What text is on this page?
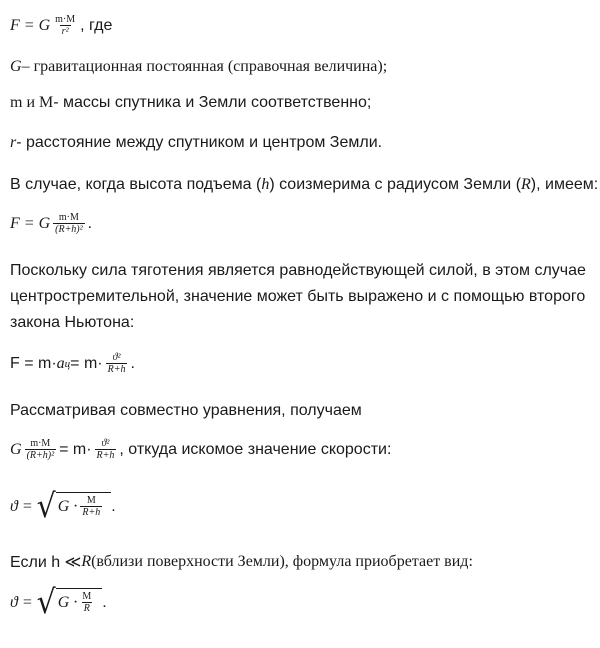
F = G $\frac{m\cdot M}{\text{r²}}$ , где
G – гравитационная постоянная (справочная величина);
m и M - массы спутника и Земли соответственно;
r - расстояние между спутником и центром Земли.
В случае, когда высота подъема ( h ) соизмерима с радиусом Земли ( R ), имеем:
F = G $\frac{m\cdot M}{\text{(R+h)²}}$ .
Поскольку сила тяготения является равнодействующей силой, в этом случае
центростремительной, значение может быть выражено и с помощью второго
закона Ньютона:
F = m· a $ц = m\cdot \frac{\text{ϑ²}}{R+h}$ .
Рассматривая совместно уравнения, получаем
G $\frac{m\cdot M}{\text{(R+h)²}} = m\cdot \frac{\text{ϑ²}}{R+h}$ , откуда искомое значение скорости:
ϑ = √ $G \cdot \frac{M}{R+h}$ .
Если h ≪ R (вблизи поверхности Земли), формула приобретает вид:
ϑ = √ $G \cdot \frac{M}{R}$ .
